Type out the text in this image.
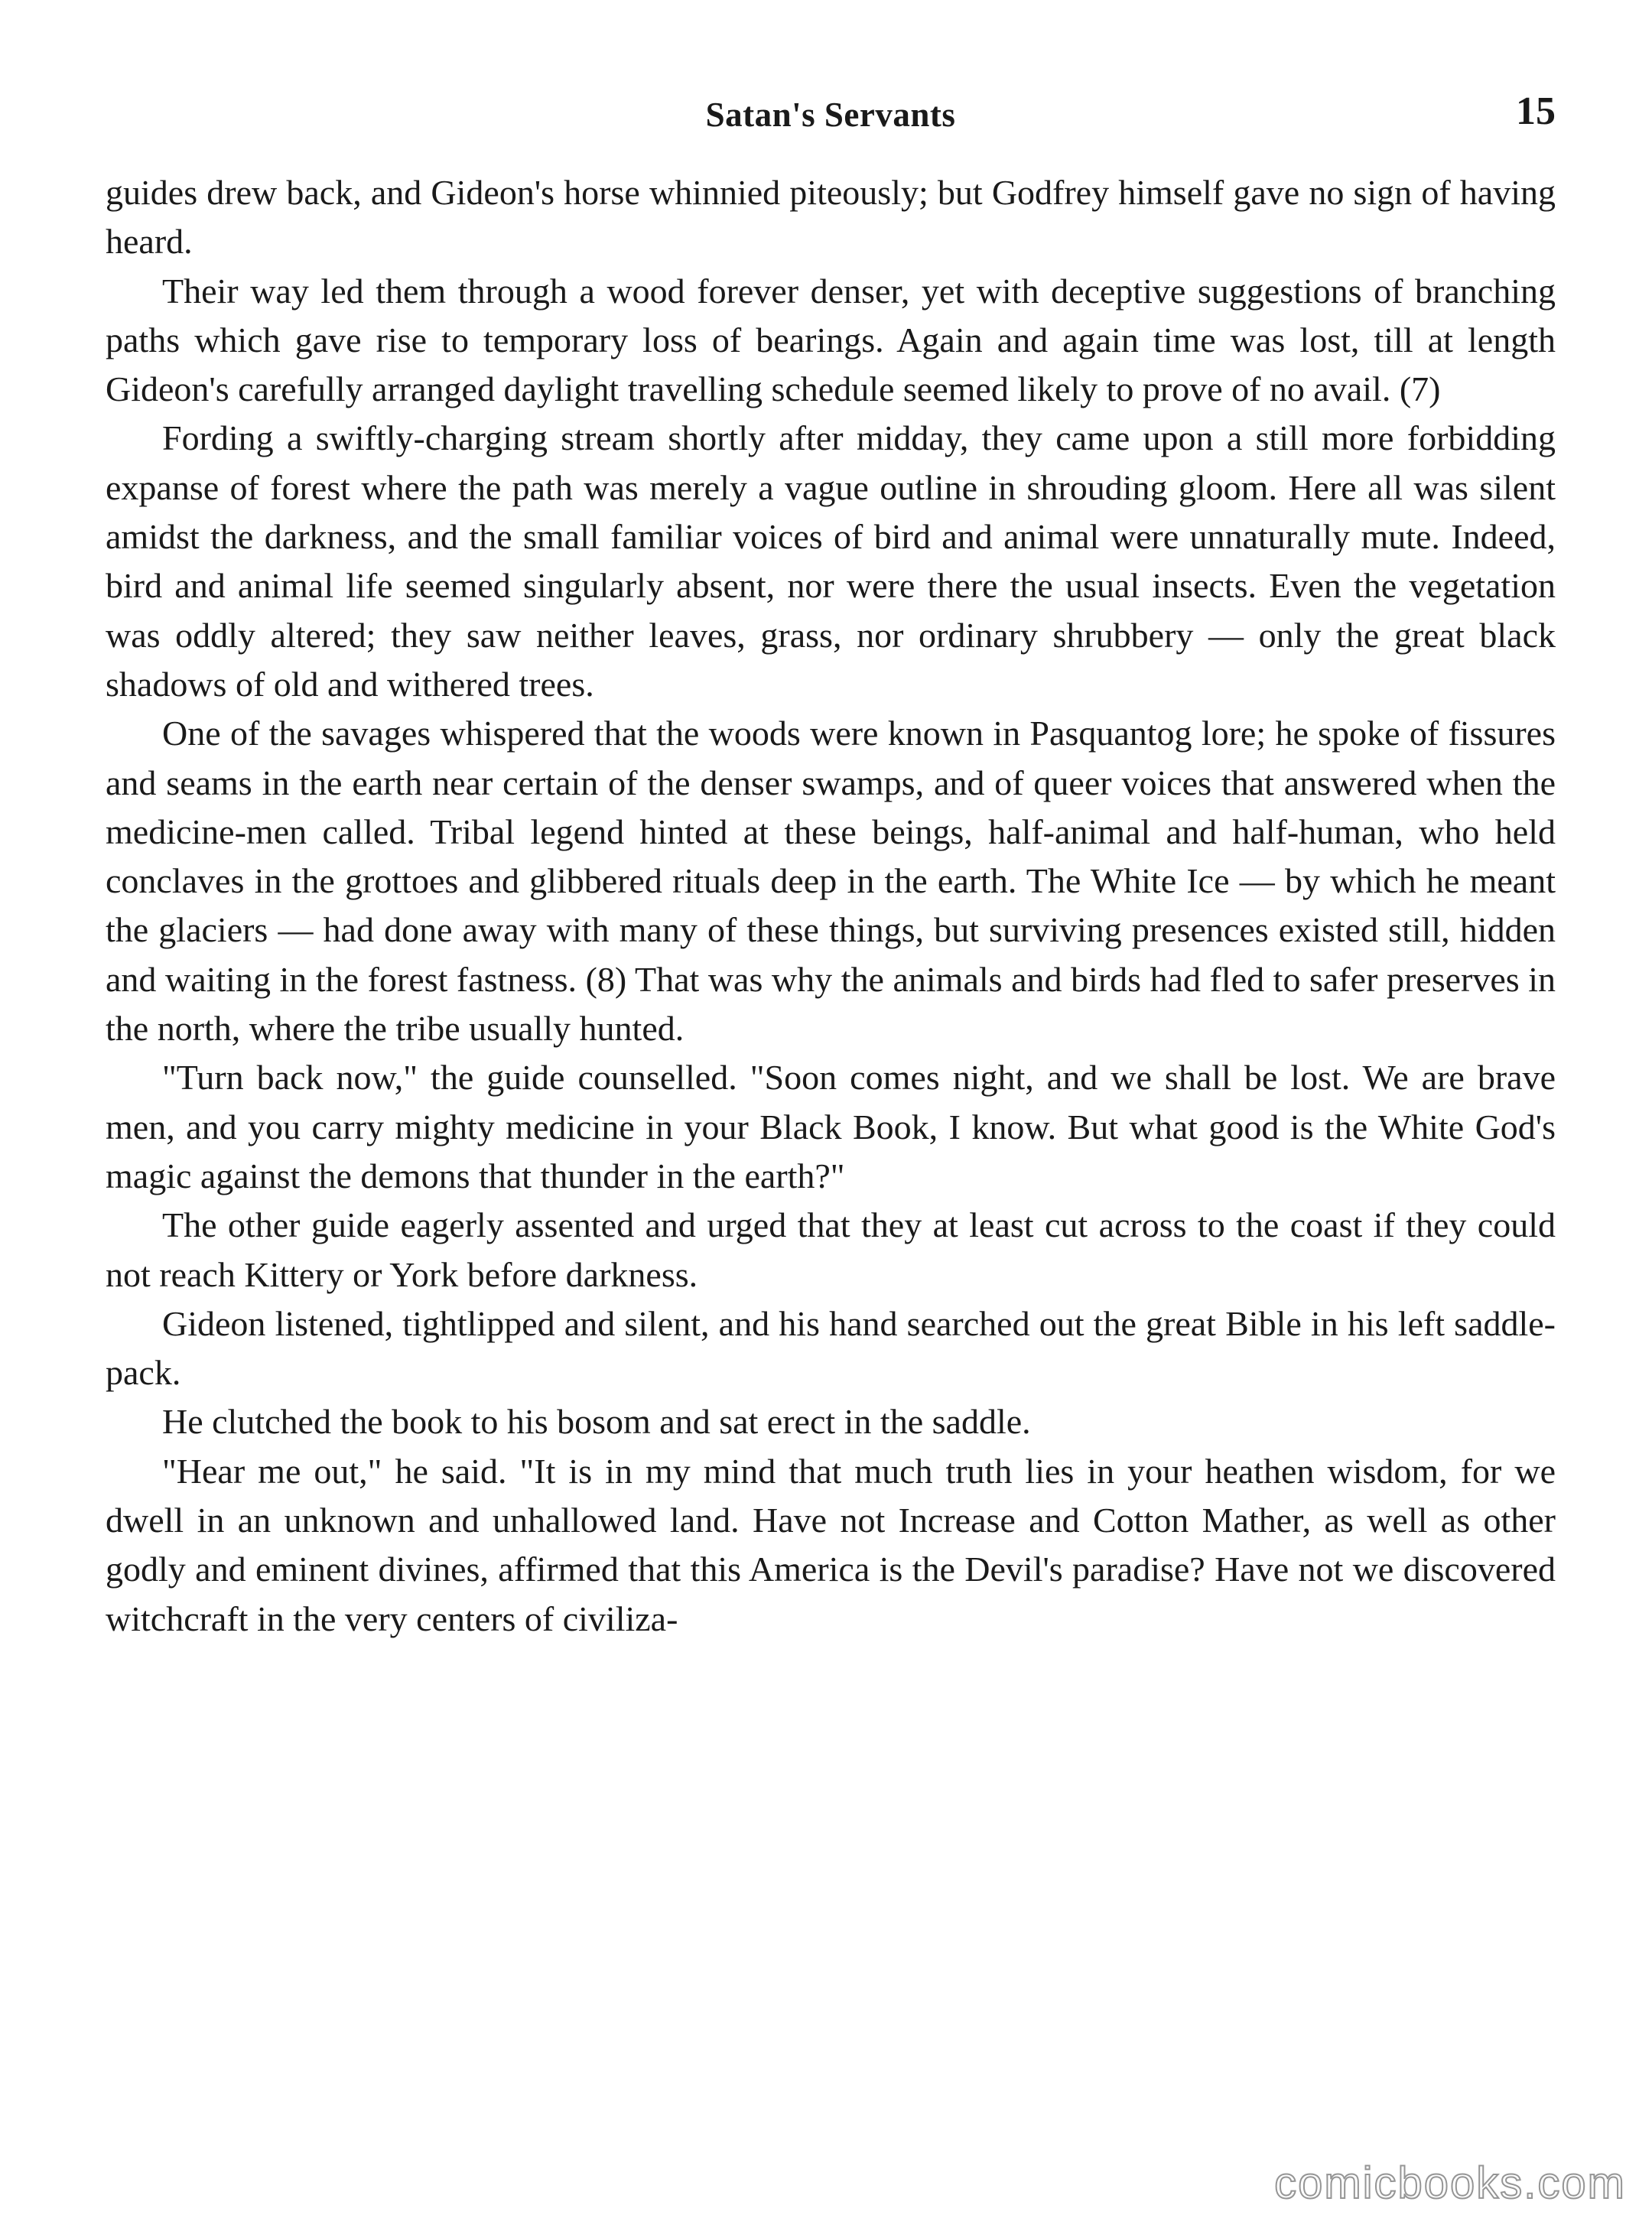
Satan's Servants	15

guides drew back, and Gideon's horse whinnied piteously; but Godfrey himself gave no sign of having heard.

Their way led them through a wood forever denser, yet with deceptive suggestions of branching paths which gave rise to temporary loss of bearings. Again and again time was lost, till at length Gideon's carefully arranged daylight travelling schedule seemed likely to prove of no avail. (7)

Fording a swiftly-charging stream shortly after midday, they came upon a still more forbidding expanse of forest where the path was merely a vague outline in shrouding gloom. Here all was silent amidst the darkness, and the small familiar voices of bird and animal were unnaturally mute. Indeed, bird and animal life seemed singularly absent, nor were there the usual insects. Even the vegetation was oddly altered; they saw neither leaves, grass, nor ordinary shrubbery — only the great black shadows of old and withered trees.

One of the savages whispered that the woods were known in Pasquantog lore; he spoke of fissures and seams in the earth near certain of the denser swamps, and of queer voices that answered when the medicine-men called. Tribal legend hinted at these beings, half-animal and half-human, who held conclaves in the grottoes and glibbered rituals deep in the earth. The White Ice — by which he meant the glaciers — had done away with many of these things, but surviving presences existed still, hidden and waiting in the forest fastness. (8) That was why the animals and birds had fled to safer preserves in the north, where the tribe usually hunted.

"Turn back now," the guide counselled. "Soon comes night, and we shall be lost. We are brave men, and you carry mighty medicine in your Black Book, I know. But what good is the White God's magic against the demons that thunder in the earth?"

The other guide eagerly assented and urged that they at least cut across to the coast if they could not reach Kittery or York before darkness.

Gideon listened, tightlipped and silent, and his hand searched out the great Bible in his left saddle-pack.

He clutched the book to his bosom and sat erect in the saddle.

"Hear me out," he said. "It is in my mind that much truth lies in your heathen wisdom, for we dwell in an unknown and unhallowed land. Have not Increase and Cotton Mather, as well as other godly and eminent divines, affirmed that this America is the Devil's paradise? Have not we discovered witchcraft in the very centers of civiliza-

comicbooks.com
